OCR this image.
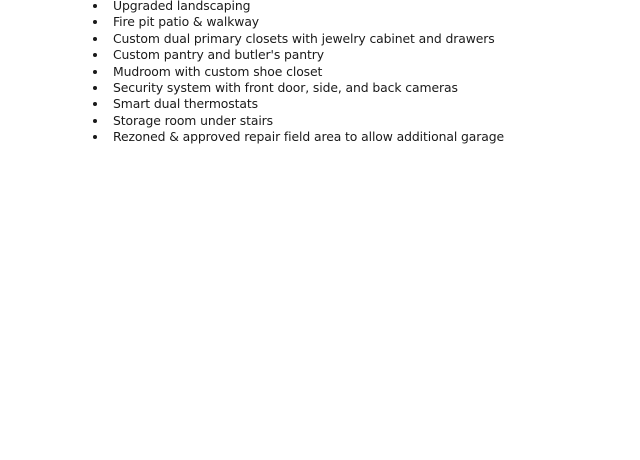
Upgraded landscaping
Fire pit patio & walkway
Custom dual primary closets with jewelry cabinet and drawers
Custom pantry and butler's pantry
Mudroom with custom shoe closet
Security system with front door, side, and back cameras
Smart dual thermostats
Storage room under stairs
Rezoned & approved repair field area to allow additional garage
